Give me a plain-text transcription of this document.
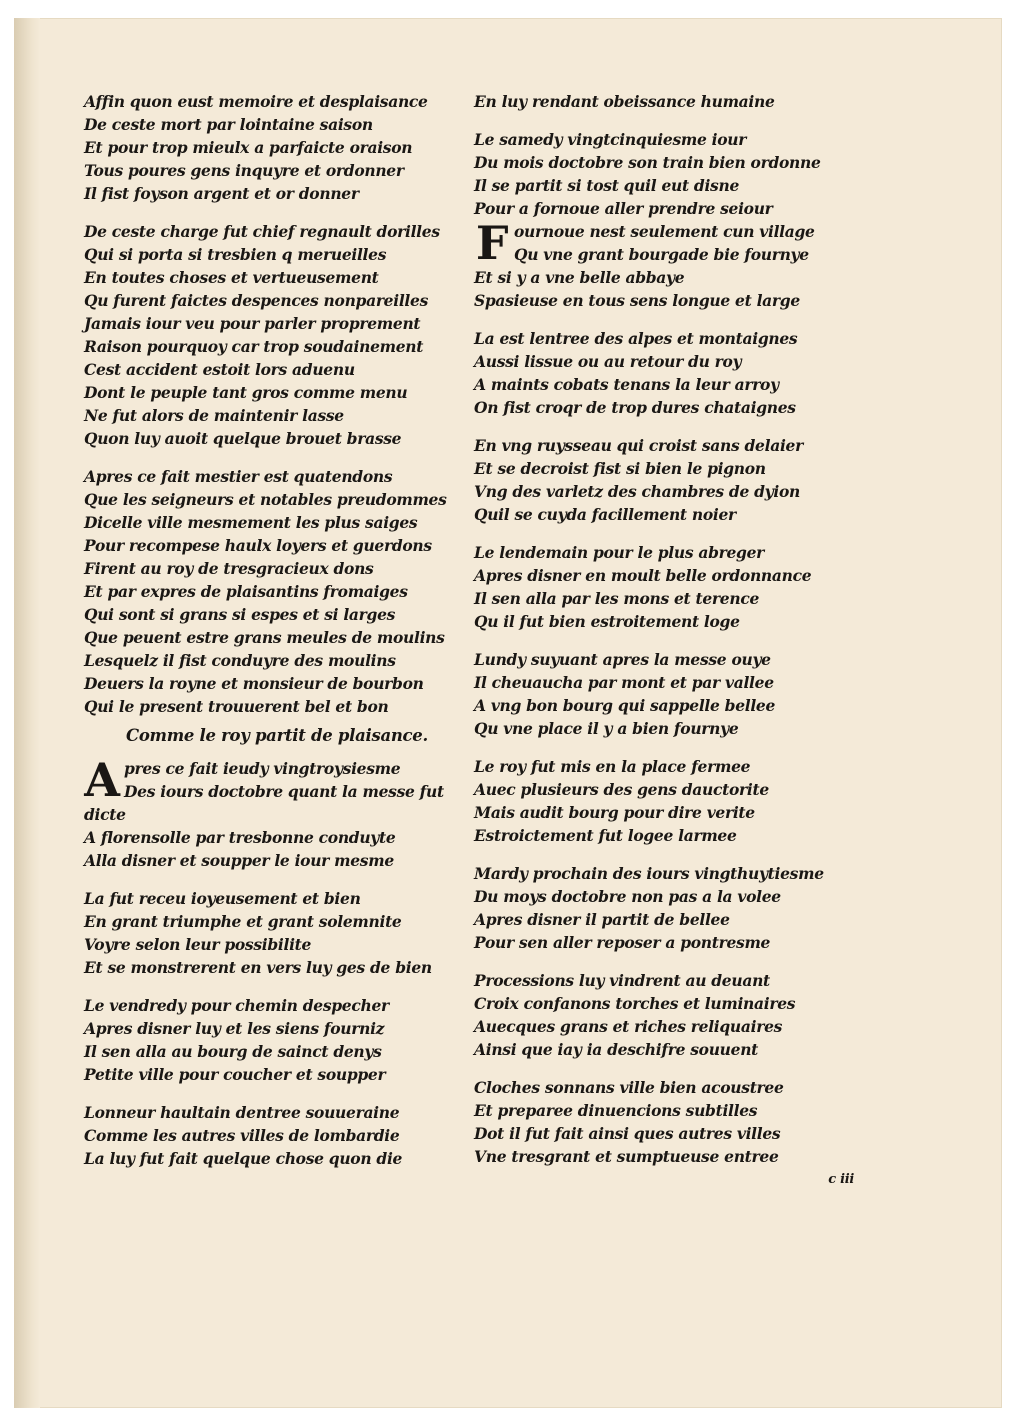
Affin quon eust memoire et desplaisance
De ceste mort par lointaine saison
Et pour trop mieulx a parfaicte oraison
Tous poures gens inquyre et ordonner
Il fist foyson argent et or donner
De ceste charge fut chief regnault dorilles
Qui si porta si tresbien q merueilles
En toutes choses et vertueusement
Qu furent faictes despences nonpareilles
Jamais iour veu pour parler proprement
Raison pourquoy car trop soudainement
Cest accident estoit lors aduenu
Dont le peuple tant gros comme menu
Ne fut alors de maintenir lasse
Quon luy auoit quelque brouet brasse
Apres ce fait mestier est quatendons
Que les seigneurs et notables preudommes
Dicelle ville mesmement les plus saiges
Pour recompese haulx loyers et guerdons
Firent au roy de tresgracieux dons
Et par expres de plaisantins fromaiges
Qui sont si grans si espes et si larges
Que peuent estre grans meules de moulins
Lesquelz il fist conduyre des moulins
Deuers la royne et monsieur de bourbon
Qui le present trouuerent bel et bon
Comme le roy partit de plaisance.
A pres ce fait ieudy vingtroysiesme
Des iours doctobre quant la messe fut
dicte
A florensolle par tresbonne conduyte
Alla disner et soupper le iour mesme
La fut receu ioyeusement et bien
En grant triumphe et grant solemnite
Voyre selon leur possibilite
Et se monstrerent en vers luy ges de bien
Le vendredy pour chemin despecher
Apres disner luy et les siens fourniz
Il sen alla au bourg de sainct denys
Petite ville pour coucher et soupper
Lonneur haultain dentree souueraine
Comme les autres villes de lombardie
La luy fut fait quelque chose quon die
En luy rendant obeissance humaine
Le samedy vingtcinquiesme iour
Du mois doctobre son train bien ordonne
Il se partit si tost quil eut disne
Pour a fornoue aller prendre seiour
F ournoue nest seulement cun village
Qu vne grant bourgade bie fournye
Et si y a vne belle abbaye
Spasieuse en tous sens longue et large
La est lentree des alpes et montaignes
Aussi lissue ou au retour du roy
A maints cobats tenans la leur arroy
On fist croqr de trop dures chataignes
En vng ruysseau qui croist sans delaier
Et se decroist fist si bien le pignon
Vng des varletz des chambres de dyion
Quil se cuyda facillement noier
Le lendemain pour le plus abreger
Apres disner en moult belle ordonnance
Il sen alla par les mons et terence
Qu il fut bien estroitement loge
Lundy suyuant apres la messe ouye
Il cheuaucha par mont et par vallee
A vng bon bourg qui sappelle bellee
Qu vne place il y a bien fournye
Le roy fut mis en la place fermee
Auec plusieurs des gens dauctorite
Mais audit bourg pour dire verite
Estroictement fut logee larmee
Mardy prochain des iours vingthuytiesme
Du moys doctobre non pas a la volee
Apres disner il partit de bellee
Pour sen aller reposer a pontresme
Processions luy vindrent au deuant
Croix confanons torches et luminaires
Auecques grans et riches reliquaires
Ainsi que iay ia deschifre souuent
Cloches sonnans ville bien acoustree
Et preparee dinuencions subtilles
Dot il fut fait ainsi ques autres villes
Vne tresgrant et sumptueuse entree
c iii
